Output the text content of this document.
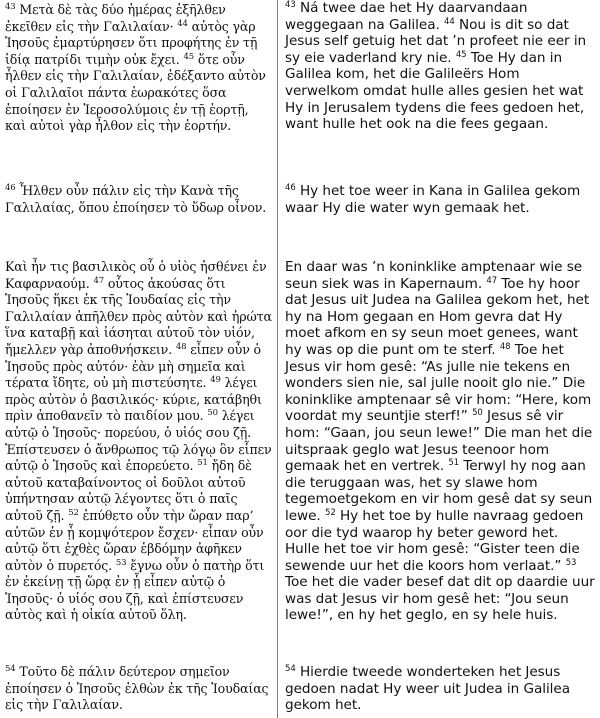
$^{43}$ Μετὰ δὲ τὰς δύο ἡμέρας ἐξῆλθεν ἐκεῖθεν εἰς τὴν Γαλιλαίαν· $^{44}$ αὐτὸς γὰρ Ἰησοῦς ἐμαρτύρησεν ὅτι προφήτης ἐν τῇ ἰδίᾳ πατρίδι τιμὴν οὐκ ἔχει. $^{45}$ ὅτε οὖν ἦλθεν εἰς τὴν Γαλιλαίαν, ἐδέξαντο αὐτὸν οἱ Γαλιλαῖοι πάντα ἑωρακότες ὅσα ἐποίησεν ἐν Ἱεροσολύμοις ἐν τῇ ἑορτῇ, καὶ αὐτοὶ γὰρ ἦλθον εἰς τὴν ἑορτήν.

$^{43}$ Ná twee dae het Hy daarvandaan weggegaan na Galilea. $^{44}$ Nou is dit so dat Jesus self getuig het dat ’n profeet nie eer in sy eie vaderland kry nie. $^{45}$ Toe Hy dan in Galilea kom, het die Galileërs Hom verwelkom omdat hulle alles gesien het wat Hy in Jerusalem tydens die fees gedoen het, want hulle het ook na die fees gegaan.

$^{46}$ Ἦλθεν οὖν πάλιν εἰς τὴν Κανὰ τῆς Γαλιλαίας, ὅπου ἐποίησεν τὸ ὕδωρ οἶνον.

$^{46}$ Hy het toe weer in Kana in Galilea gekom waar Hy die water wyn gemaak het.

Καὶ ἦν τις βασιλικὸς οὗ ὁ υἱὸς ἠσθένει ἐν Καφαρναούμ. $^{47}$ οὗτος ἀκούσας ὅτι Ἰησοῦς ἥκει ἐκ τῆς Ἰουδαίας εἰς τὴν Γαλιλαίαν ἀπῆλθεν πρὸς αὐτὸν καὶ ἠρώτα ἵνα καταβῇ καὶ ἰάσηται αὐτοῦ τὸν υἱόν, ἤμελλεν γὰρ ἀποθνήσκειν. $^{48}$ εἶπεν οὖν ὁ Ἰησοῦς πρὸς αὐτόν· ἐὰν μὴ σημεῖα καὶ τέρατα ἴδητε, οὐ μὴ πιστεύσητε. $^{49}$ λέγει πρὸς αὐτὸν ὁ βασιλικός· κύριε, κατάβηθι πρὶν ἀποθανεῖν τὸ παιδίον μου. $^{50}$ λέγει αὐτῷ ὁ Ἰησοῦς· πορεύου, ὁ υἱός σου ζῇ. Ἐπίστευσεν ὁ ἄνθρωπος τῷ λόγῳ ὃν εἶπεν αὐτῷ ὁ Ἰησοῦς καὶ ἐπορεύετο. $^{51}$ ἤδη δὲ αὐτοῦ καταβαίνοντος οἱ δοῦλοι αὐτοῦ ὑπήντησαν αὐτῷ λέγοντες ὅτι ὁ παῖς αὐτοῦ ζῇ. $^{52}$ ἐπύθετο οὖν τὴν ὥραν παρ’ αὐτῶν ἐν ᾗ κομψότερον ἔσχεν· εἶπαν οὖν αὐτῷ ὅτι ἐχθὲς ὥραν ἑβδόμην ἀφῆκεν αὐτὸν ὁ πυρετός. $^{53}$ ἔγνω οὖν ὁ πατὴρ ὅτι ἐν ἐκείνῃ τῇ ὥρᾳ ἐν ᾗ εἶπεν αὐτῷ ὁ Ἰησοῦς· ὁ υἱός σου ζῇ, καὶ ἐπίστευσεν αὐτὸς καὶ ἡ οἰκία αὐτοῦ ὅλη.

En daar was ’n koninklike amptenaar wie se seun siek was in Kapernaum. $^{47}$ Toe hy hoor dat Jesus uit Judea na Galilea gekom het, het hy na Hom gegaan en Hom gevra dat Hy moet afkom en sy seun moet genees, want hy was op die punt om te sterf. $^{48}$ Toe het Jesus vir hom gesê: “As julle nie tekens en wonders sien nie, sal julle nooit glo nie.” Die koninklike amptenaar sê vir hom: “Here, kom voordat my seuntjie sterf!” $^{50}$ Jesus sê vir hom: “Gaan, jou seun lewe!” Die man het die uitspraak geglo wat Jesus teenoor hom gemaak het en vertrek. $^{51}$ Terwyl hy nog aan die teruggaan was, het sy slawe hom tegemoetgekom en vir hom gesê dat sy seun lewe. $^{52}$ Hy het toe by hulle navraag gedoen oor die tyd waarop hy beter geword het. Hulle het toe vir hom gesê: “Gister teen die sewende uur het die koors hom verlaat.” $^{53}$ Toe het die vader besef dat dit op daardie uur was dat Jesus vir hom gesê het: “Jou seun lewe!”, en hy het geglo, en sy hele huis.

$^{54}$ Τοῦτο δὲ πάλιν δεύτερον σημεῖον ἐποίησεν ὁ Ἰησοῦς ἐλθὼν ἐκ τῆς Ἰουδαίας εἰς τὴν Γαλιλαίαν.

$^{54}$ Hierdie tweede wonderteken het Jesus gedoen nadat Hy weer uit Judea in Galilea gekom het.
